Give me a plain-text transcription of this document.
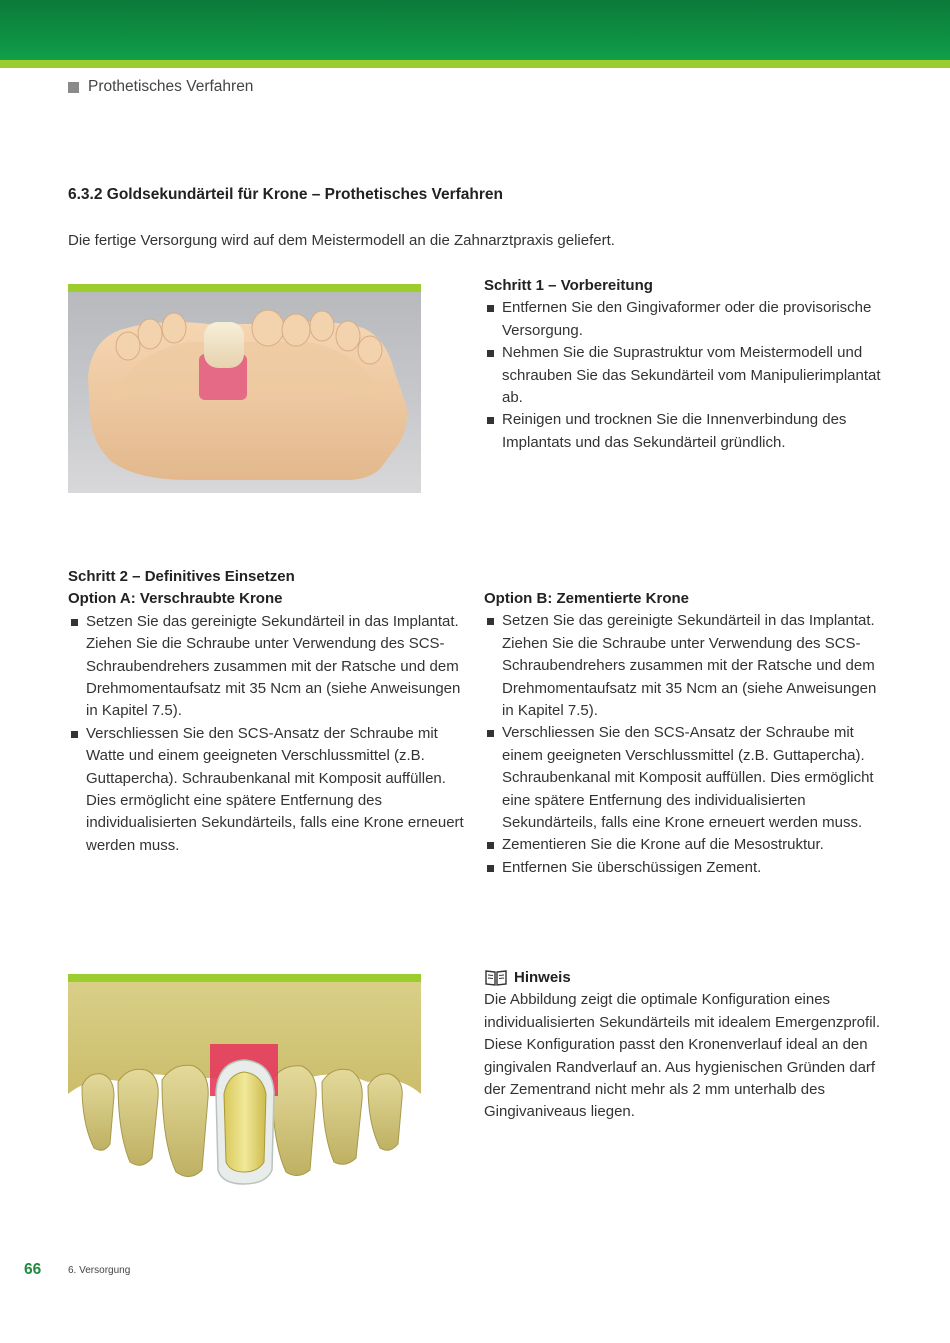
Prothetisches Verfahren
6.3.2 Goldsekundärteil für Krone – Prothetisches Verfahren
Die fertige Versorgung wird auf dem Meistermodell an die Zahnarztpraxis geliefert.
Schritt 1 – Vorbereitung
Entfernen Sie den Gingivaformer oder die provisorische Versorgung.
Nehmen Sie die Suprastruktur vom Meistermodell und schrauben Sie das Sekundärteil vom Manipulierimplantat ab.
Reinigen und trocknen Sie die Innenverbindung des Implantats und das Sekundärteil gründlich.
Schritt 2 – Definitives Einsetzen
Option A: Verschraubte Krone
Setzen Sie das gereinigte Sekundärteil in das Implantat. Ziehen Sie die Schraube unter Verwendung des SCS-Schraubendrehers zusammen mit der Ratsche und dem Drehmomentaufsatz mit 35 Ncm an (siehe Anweisungen in Kapitel 7.5).
Verschliessen Sie den SCS-Ansatz der Schraube mit Watte und einem geeigneten Verschlussmittel (z.B. Guttapercha). Schraubenkanal mit Komposit auffüllen. Dies ermöglicht eine spätere Entfernung des individualisierten Sekundärteils, falls eine Krone erneuert werden muss.
Option B: Zementierte Krone
Setzen Sie das gereinigte Sekundärteil in das Implantat. Ziehen Sie die Schraube unter Verwendung des SCS-Schraubendrehers zusammen mit der Ratsche und dem Drehmomentaufsatz mit 35 Ncm an (siehe Anweisungen in Kapitel 7.5).
Verschliessen Sie den SCS-Ansatz der Schraube mit einem geeigneten Verschlussmittel (z.B. Guttapercha). Schraubenkanal mit Komposit auffüllen. Dies ermöglicht eine spätere Entfernung des individualisierten Sekundärteils, falls eine Krone erneuert werden muss.
Zementieren Sie die Krone auf die Mesostruktur.
Entfernen Sie überschüssigen Zement.
Hinweis
Die Abbildung zeigt die optimale Konfiguration eines individualisierten Sekundärteils mit idealem Emergenzprofil. Diese Konfiguration passt den Kronenverlauf ideal an den gingivalen Randverlauf an. Aus hygienischen Gründen darf der Zementrand nicht mehr als 2 mm unterhalb des Gingivaniveaus liegen.
66	6. Versorgung
